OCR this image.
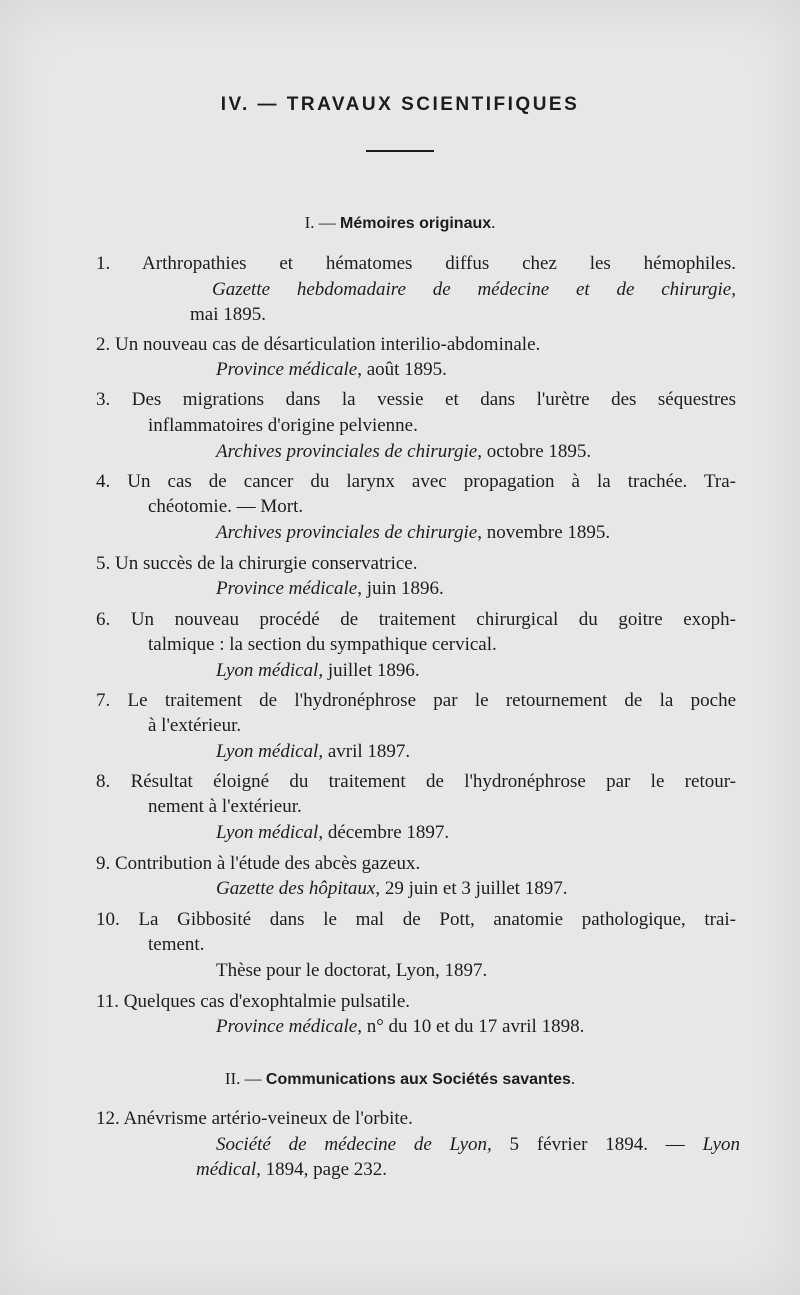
IV. — TRAVAUX SCIENTIFIQUES
I. — Mémoires originaux.
1. Arthropathies et hématomes diffus chez les hémophiles.
Gazette hebdomadaire de médecine et de chirurgie,
mai 1895.
2. Un nouveau cas de désarticulation interilio-abdominale.
Province médicale, août 1895.
3. Des migrations dans la vessie et dans l'urètre des séquestres
inflammatoires d'origine pelvienne.
Archives provinciales de chirurgie, octobre 1895.
4. Un cas de cancer du larynx avec propagation à la trachée. Tra-
chéotomie. — Mort.
Archives provinciales de chirurgie, novembre 1895.
5. Un succès de la chirurgie conservatrice.
Province médicale, juin 1896.
6. Un nouveau procédé de traitement chirurgical du goitre exoph-
talmique : la section du sympathique cervical.
Lyon médical, juillet 1896.
7. Le traitement de l'hydronéphrose par le retournement de la poche
à l'extérieur.
Lyon médical, avril 1897.
8. Résultat éloigné du traitement de l'hydronéphrose par le retour-
nement à l'extérieur.
Lyon médical, décembre 1897.
9. Contribution à l'étude des abcès gazeux.
Gazette des hôpitaux, 29 juin et 3 juillet 1897.
10. La Gibbosité dans le mal de Pott, anatomie pathologique, trai-
tement.
Thèse pour le doctorat, Lyon, 1897.
11. Quelques cas d'exophtalmie pulsatile.
Province médicale, n° du 10 et du 17 avril 1898.
II. — Communications aux Sociétés savantes.
12. Anévrisme artério-veineux de l'orbite.
Société de médecine de Lyon, 5 février 1894. — Lyon
médical, 1894, page 232.
